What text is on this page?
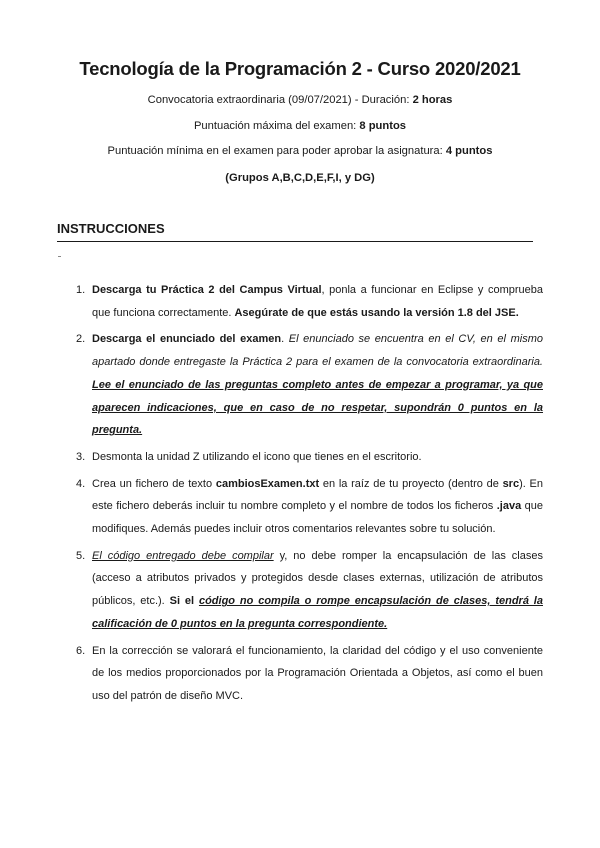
Tecnología de la Programación 2 - Curso 2020/2021
Convocatoria extraordinaria (09/07/2021) - Duración: 2 horas
Puntuación máxima del examen: 8 puntos
Puntuación mínima en el examen para poder aprobar la asignatura: 4 puntos
(Grupos A,B,C,D,E,F,I, y DG)
INSTRUCCIONES
1. Descarga tu Práctica 2 del Campus Virtual, ponla a funcionar en Eclipse y comprueba que funciona correctamente. Asegúrate de que estás usando la versión 1.8 del JSE.
2. Descarga el enunciado del examen. El enunciado se encuentra en el CV, en el mismo apartado donde entregaste la Práctica 2 para el examen de la convocatoria extraordinaria. Lee el enunciado de las preguntas completo antes de empezar a programar, ya que aparecen indicaciones, que en caso de no respetar, supondrán 0 puntos en la pregunta.
3. Desmonta la unidad Z utilizando el icono que tienes en el escritorio.
4. Crea un fichero de texto cambiosExamen.txt en la raíz de tu proyecto (dentro de src). En este fichero deberás incluir tu nombre completo y el nombre de todos los ficheros .java que modifiques. Además puedes incluir otros comentarios relevantes sobre tu solución.
5. El código entregado debe compilar y, no debe romper la encapsulación de las clases (acceso a atributos privados y protegidos desde clases externas, utilización de atributos públicos, etc.). Si el código no compila o rompe encapsulación de clases, tendrá la calificación de 0 puntos en la pregunta correspondiente.
6. En la corrección se valorará el funcionamiento, la claridad del código y el uso conveniente de los medios proporcionados por la Programación Orientada a Objetos, así como el buen uso del patrón de diseño MVC.
